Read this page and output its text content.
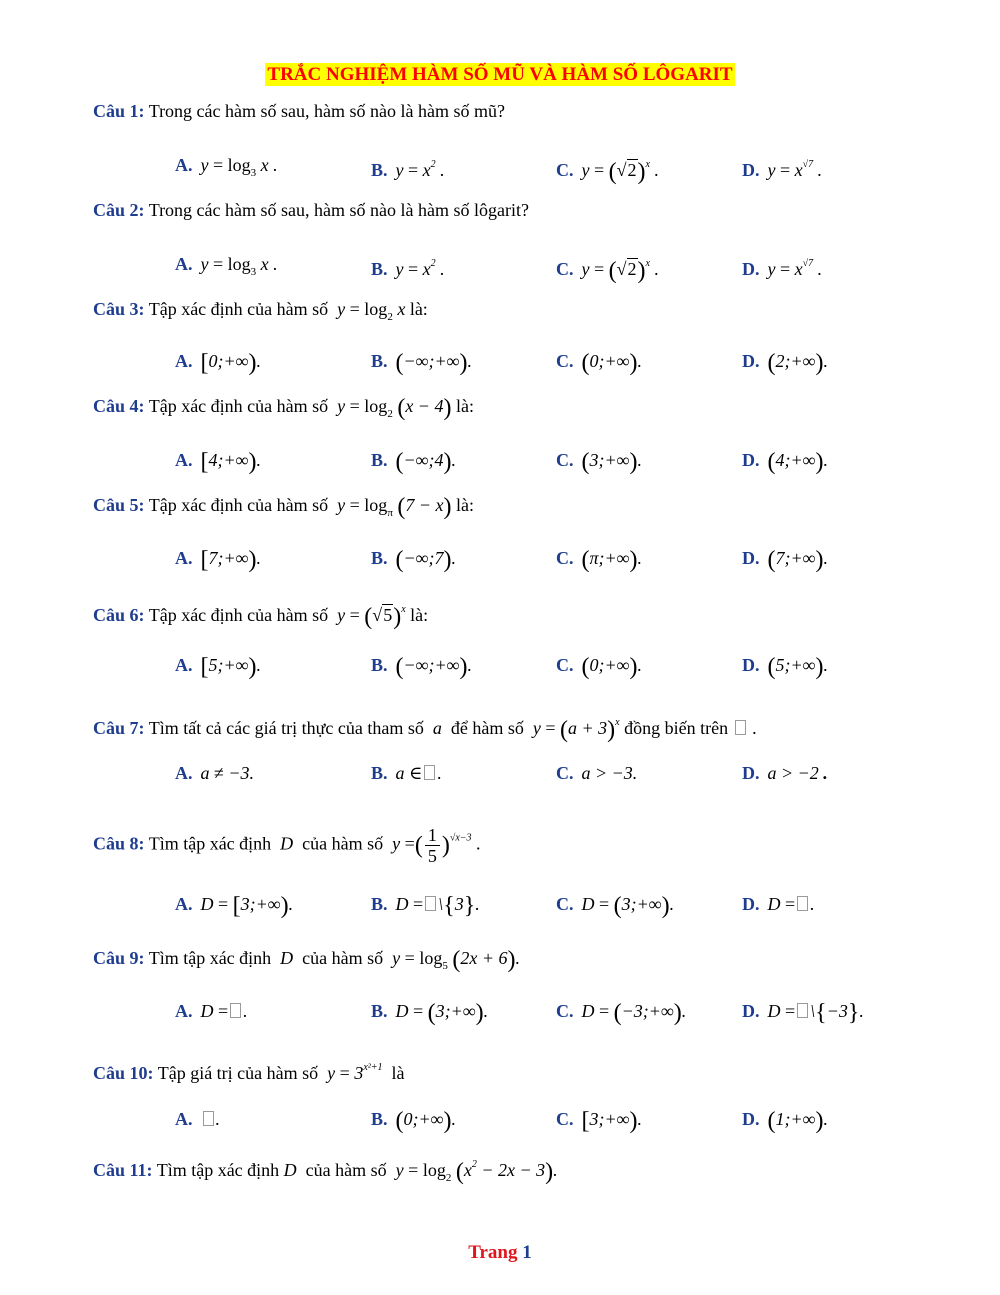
TRẮC NGHIỆM HÀM SỐ MŨ VÀ HÀM SỐ LÔGARIT
Câu 1: Trong các hàm số sau, hàm số nào là hàm số mũ?
A. $y = \log_3 x$ .	B. $y = x^2$ .	C. $y = (√2)^x$ .	D. $y = x^{√7}$ .
Câu 2: Trong các hàm số sau, hàm số nào là hàm số lôgarit?
A. $y = \log_3 x$ .	B. $y = x^2$ .	C. $y = (√2)^x$ .	D. $y = x^{√7}$ .
Câu 3: Tập xác định của hàm số  $y = \log_2 x$ là:
A. [0;+∞).	B. (−∞;+∞).	C. (0;+∞).	D. (2;+∞).
Câu 4: Tập xác định của hàm số  $y = \log_2 (x - 4)$ là:
A. [4;+∞).	B. (−∞;4).	C. (3;+∞).	D. (4;+∞).
Câu 5: Tập xác định của hàm số  $y = \log_\pi (7 - x)$ là:
A. [7;+∞).	B. (−∞;7).	C. (π;+∞).	D. (7;+∞).
Câu 6: Tập xác định của hàm số  $y = (√5)^x$ là:
A. [5;+∞).	B. (−∞;+∞).	C. (0;+∞).	D. (5;+∞).
Câu 7: Tìm tất cả các giá trị thực của tham số  a  để hàm số  $y = (a + 3)^x$ đồng biến trên  .
A. a ≠ −3.	B. a ∈ .	C. a > −3.	D. a > −2 .
Câu 8: Tìm tập xác định  D  của hàm số  y =( $\frac{1}{5} )^{√x-3}$ .
A. D = [3;+∞).	B. D = \{3}.	C. D = (3;+∞).	D. D = .
Câu 9: Tìm tập xác định  D  của hàm số  $y = \log_5 (2x + 6)$.
A. D = .	B. D = (3;+∞).	C. D = (−3;+∞).	D. D = \{−3}.
Câu 10: Tập giá trị của hàm số  $y = 3^{x^2+1}$ là
A. .	B. (0;+∞).	C. [3;+∞).	D. (1;+∞).
Câu 11: Tìm tập xác định D  của hàm số  $y = \log_2 (x^2 - 2x - 3)$.
Trang 1
